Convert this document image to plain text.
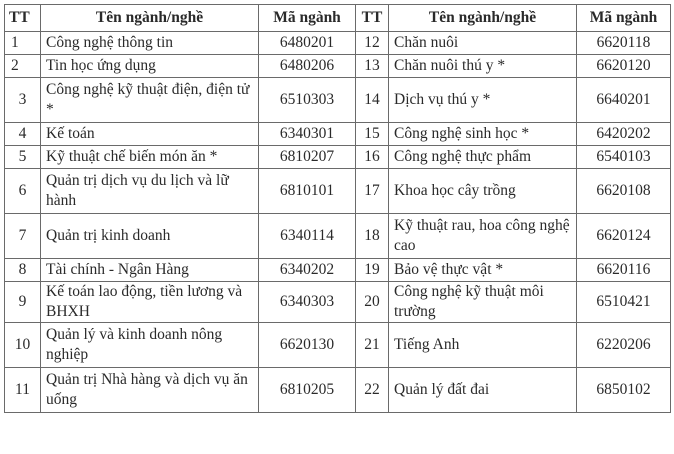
TT	Tên ngành/nghề	Mã ngành	TT	Tên ngành/nghề	Mã ngành
1	Công nghệ thông tin	6480201	12	Chăn nuôi	6620118
2	Tin học ứng dụng	6480206	13	Chăn nuôi thú y *	6620120
3	Công nghệ kỹ thuật điện, điện tử *	6510303	14	Dịch vụ thú y *	6640201
4	Kế toán	6340301	15	Công nghệ sinh học *	6420202
5	Kỹ thuật chế biến món ăn *	6810207	16	Công nghệ thực phẩm	6540103
6	Quản trị dịch vụ du lịch và lữ hành	6810101	17	Khoa học cây trồng	6620108
7	Quản trị kinh doanh	6340114	18	Kỹ thuật rau, hoa công nghệ cao	6620124
8	Tài chính - Ngân Hàng	6340202	19	Bảo vệ thực vật *	6620116
9	Kế toán lao động, tiền lương và BHXH	6340303	20	Công nghệ kỹ thuật môi trường	6510421
10	Quản lý và kinh doanh nông nghiệp	6620130	21	Tiếng Anh	6220206
11	Quản trị Nhà hàng và dịch vụ ăn uống	6810205	22	Quản lý đất đai	6850102
